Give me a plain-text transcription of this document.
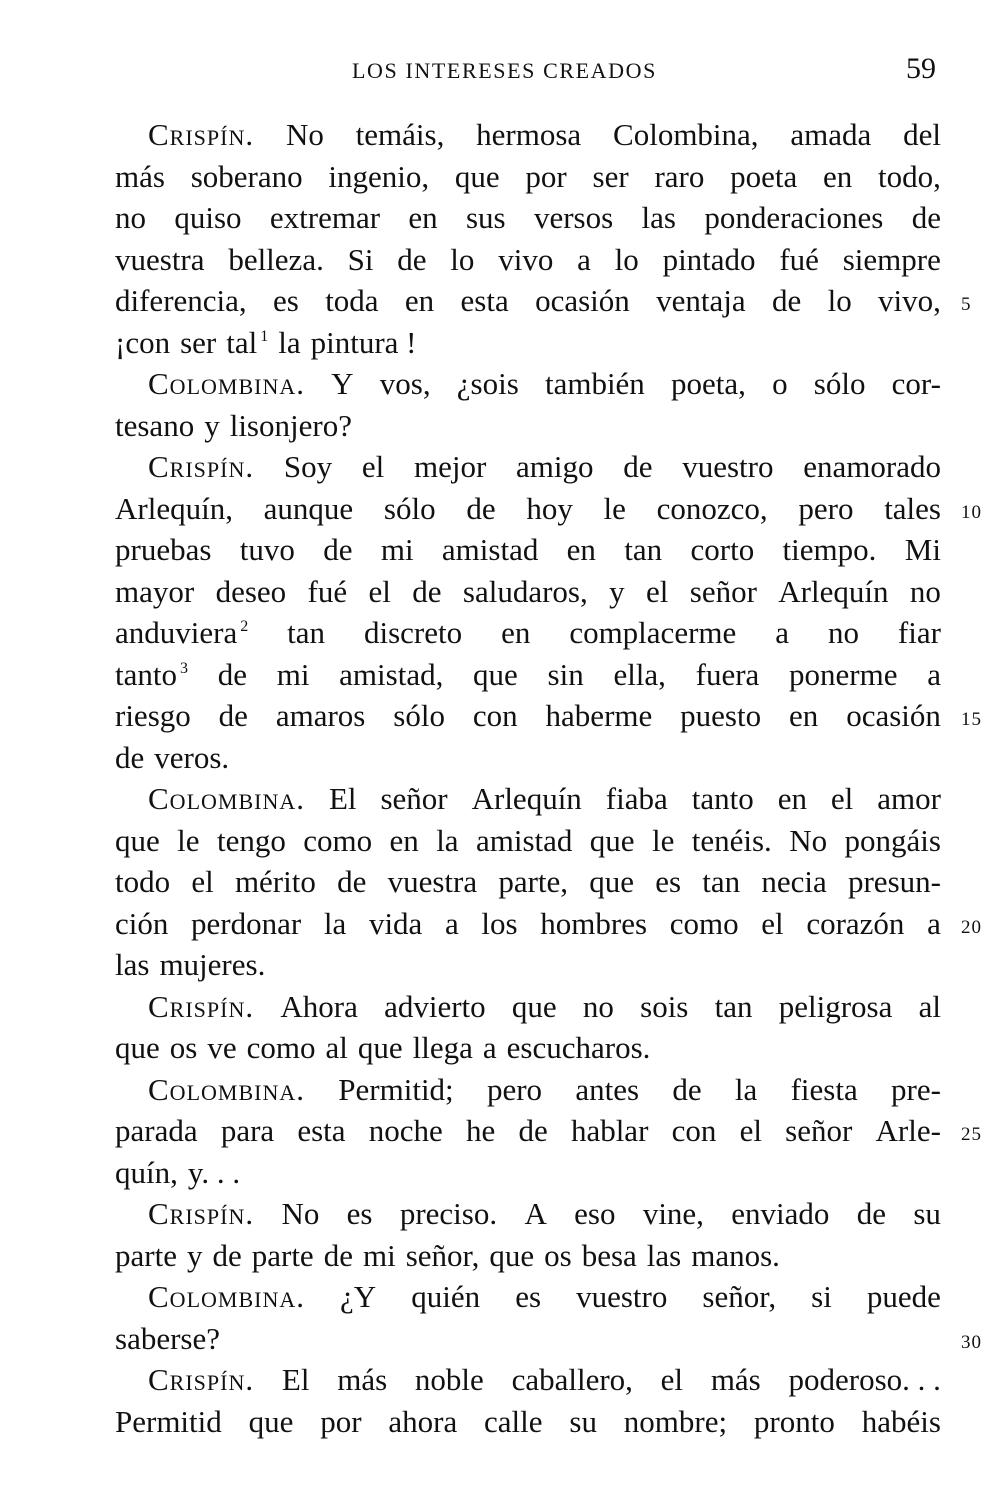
LOS INTERESES CREADOS	59
Crispín. No temáis, hermosa Colombina, amada del
más soberano ingenio, que por ser raro poeta en todo,
no quiso extremar en sus versos las ponderaciones de
vuestra belleza. Si de lo vivo a lo pintado fué siempre
diferencia, es toda en esta ocasión ventaja de lo vivo, 5
¡con
ser
tal $^1$
la
pintura !
Colombina. Y vos, ¿sois también poeta, o sólo cor-
tesano
y
lisonjero?
Crispín. Soy el mejor amigo de vuestro enamorado
Arlequín, aunque sólo de hoy le conozco, pero tales 10
pruebas tuvo de mi amistad en tan corto tiempo. Mi
mayor deseo fué el de saludaros, y el señor Arlequín no
anduviera $^2$ tan discreto en complacerme a no fiar
tanto $^3$ de mi amistad, que sin ella, fuera ponerme a
riesgo de amaros sólo con haberme puesto en ocasión 15
de
veros.
Colombina. El señor Arlequín fiaba tanto en el amor
que le tengo como en la amistad que le tenéis. No pongáis
todo el mérito de vuestra parte, que es tan necia presun-
ción perdonar la vida a los hombres como el corazón a 20
las
mujeres.
Crispín. Ahora advierto que no sois tan peligrosa al
que
os
ve
como
al
que
llega
a
escucharos.
Colombina. Permitid; pero antes de la fiesta pre-
parada para esta noche he de hablar con el señor Arle- 25
quín,
y. . .
Crispín. No es preciso. A eso vine, enviado de su
parte
y
de
parte
de
mi
señor,
que
os
besa
las
manos.
Colombina. ¿Y quién es vuestro señor, si puede
saberse?	30
Crispín. El más noble caballero, el más poderoso. . .
Permitid que por ahora calle su nombre; pronto habéis
